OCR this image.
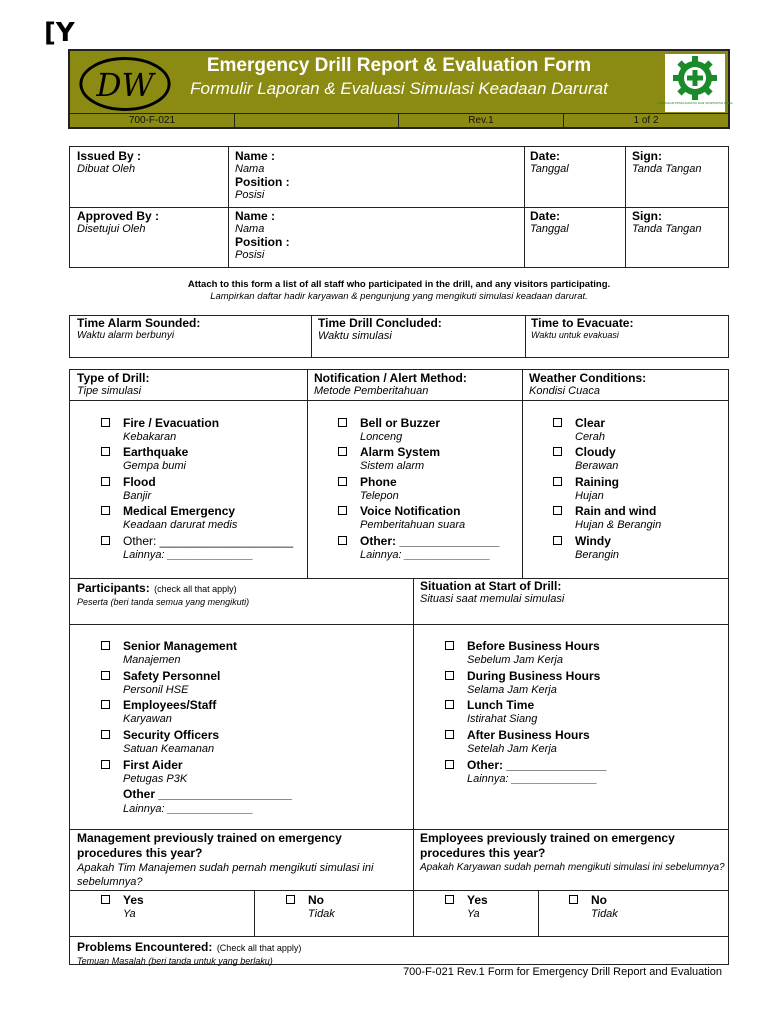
[Y
DW
Emergency Drill Report & Evaluation Form
Formulir Laporan & Evaluasi Simulasi Keadaan Darurat
UTAMAKAN KESELAMATAN DAN KESEHATAN KERJA
700-F-021	Rev.1	1 of 2
Issued By :
Dibuat Oleh
Name :
Nama
Position :
Posisi
Date:
Tanggal
Sign:
Tanda Tangan
Approved By :
Disetujui Oleh
Name :
Nama
Position :
Posisi
Date:
Tanggal
Sign:
Tanda Tangan
Attach to this form a list of all staff who participated in the drill, and any visitors participating.
Lampirkan daftar hadir karyawan & pengunjung yang mengikuti simulasi keadaan darurat.
Time Alarm Sounded:
Waktu alarm berbunyi
Time Drill Concluded:
Waktu simulasi
Time to Evacuate:
Waktu untuk evakuasi
Type of Drill:
Tipe simulasi
Notification / Alert Method:
Metode Pemberitahuan
Weather Conditions:
Kondisi Cuaca
Fire / Evacuation
Kebakaran
Earthquake
Gempa bumi
Flood
Banjir
Medical Emergency
Keadaan darurat medis
Other: ____________________
Lainnya: ______________
Bell or Buzzer
Lonceng
Alarm System
Sistem alarm
Phone
Telepon
Voice Notification
Pemberitahuan suara
Other: _______________
Lainnya: ______________
Clear
Cerah
Cloudy
Berawan
Raining
Hujan
Rain and wind
Hujan & Berangin
Windy
Berangin
Participants: (check all that apply)
Peserta (beri tanda semua yang mengikuti)
Situation at Start of Drill:
Situasi saat memulai simulasi
Senior Management
Manajemen
Safety Personnel
Personil HSE
Employees/Staff
Karyawan
Security Officers
Satuan Keamanan
First Aider
Petugas P3K
Other ____________________
Lainnya: ______________
Before Business Hours
Sebelum Jam Kerja
During Business Hours
Selama Jam Kerja
Lunch Time
Istirahat Siang
After Business Hours
Setelah Jam Kerja
Other: _______________
Lainnya: ______________
Management previously trained on emergency procedures this year?
Apakah Tim Manajemen sudah pernah mengikuti simulasi ini sebelumnya?
Employees previously trained on emergency procedures this year?
Apakah Karyawan sudah pernah mengikuti simulasi ini sebelumnya?
Yes
Ya
No
Tidak
Yes
Ya
No
Tidak
Problems Encountered: (Check all that apply)
Temuan Masalah (beri tanda untuk yang berlaku)
700-F-021 Rev.1 Form for Emergency Drill Report and Evaluation
